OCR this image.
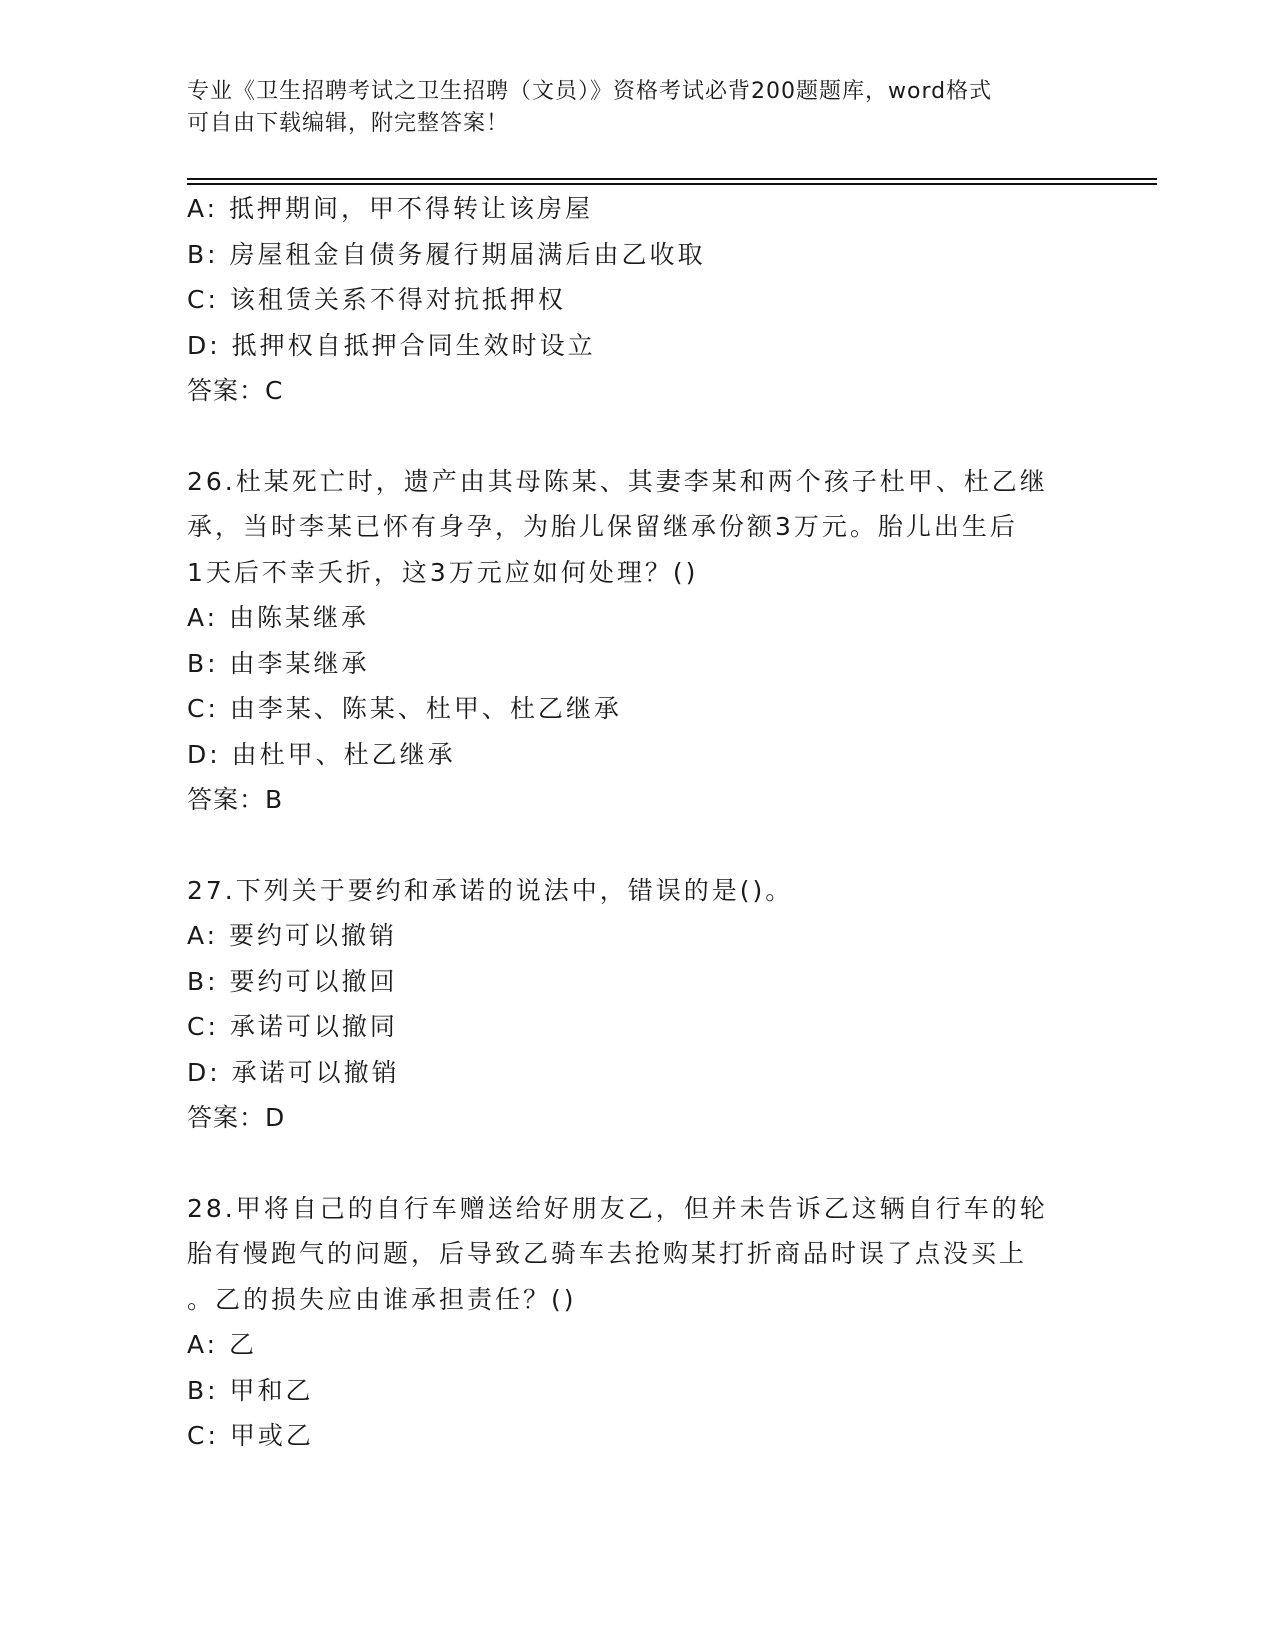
专业《卫生招聘考试之卫生招聘（文员）》资格考试必背200题题库，word格式
可自由下载编辑，附完整答案！
A: 抵押期间，甲不得转让该房屋
B: 房屋租金自债务履行期届满后由乙收取
C: 该租赁关系不得对抗抵押权
D: 抵押权自抵押合同生效时设立
答案：C
26.杜某死亡时，遗产由其母陈某、其妻李某和两个孩子杜甲、杜乙继
承，当时李某已怀有身孕，为胎儿保留继承份额3万元。胎儿出生后
1天后不幸夭折，这3万元应如何处理？()
A: 由陈某继承
B: 由李某继承
C: 由李某、陈某、杜甲、杜乙继承
D: 由杜甲、杜乙继承
答案：B
27.下列关于要约和承诺的说法中，错误的是()。
A: 要约可以撤销
B: 要约可以撤回
C: 承诺可以撤同
D: 承诺可以撤销
答案：D
28.甲将自己的自行车赠送给好朋友乙，但并未告诉乙这辆自行车的轮
胎有慢跑气的问题，后导致乙骑车去抢购某打折商品时误了点没买上
。乙的损失应由谁承担责任？()
A: 乙
B: 甲和乙
C: 甲或乙
